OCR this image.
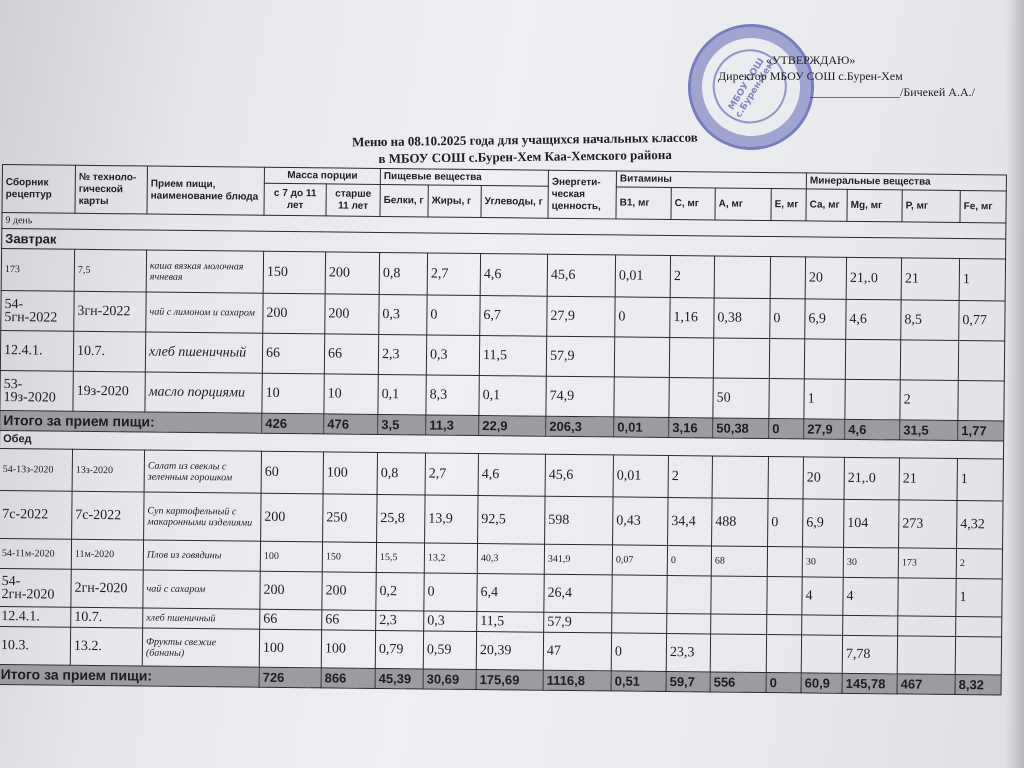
МБОУ СОШ с.Бурен-Хем
«УТВЕРЖДАЮ»
Директор МБОУ СОШ с.Бурен-Хем
_______________/Бичекей А.А./
Меню на 08.10.2025 года для учащихся начальных классов
в МБОУ СОШ с.Бурен-Хем Каа-Хемского района
Сборник рецептур	№ техноло- гической карты	Прием пищи, наименование блюда	Масса порции		Пищевые вещества			Энергети- ческая ценность,	Витамины				Минеральные вещества			
			с 7 до 11 лет	старше 11 лет	Белки, г	Жиры, г	Углеводы, г		В1, мг	С, мг	А, мг	Е, мг	Са, мг	Mg, мг	Р, мг	Fe, мг
9 день																
Завтрак																
173	7,5	каша вязкая молочная ячневая	150	200	0,8	2,7	4,6	45,6	0,01	2			20	21,.0	21	1
54-5гн-2022	3гн-2022	чай с лимоном и сахаром	200	200	0,3	0	6,7	27,9	0	1,16	0,38	0	6,9	4,6	8,5	0,77
12.4.1.	10.7.	хлеб пшеничный	66	66	2,3	0,3	11,5	57,9								
53-19з-2020	19з-2020	масло порциями	10	10	0,1	8,3	0,1	74,9			50		1		2	
Итого за прием пищи:			426	476	3,5	11,3	22,9	206,3	0,01	3,16	50,38	0	27,9	4,6	31,5	1,77
Обед																
54-13з-2020	13з-2020	Салат из свеклы с зеленным горошком	60	100	0,8	2,7	4,6	45,6	0,01	2			20	21,.0	21	1
7с-2022	7с-2022	Суп картофельный с макаронными изделиями	200	250	25,8	13,9	92,5	598	0,43	34,4	488	0	6,9	104	273	4,32
54-11м-2020	11м-2020	Плов из говядины	100	150	15,5	13,2	40,3	341,9	0,07	0	68		30	30	173	2
54-2гн-2020	2гн-2020	чай с сахаром	200	200	0,2	0	6,4	26,4					4	4		1
12.4.1.	10.7.	хлеб пшеничный	66	66	2,3	0,3	11,5	57,9								
10.3.	13.2.	Фрукты свежие (бананы)	100	100	0,79	0,59	20,39	47	0	23,3				7,78		
Итого за прием пищи:			726	866	45,39	30,69	175,69	1116,8	0,51	59,7	556	0	60,9	145,78	467	8,32
